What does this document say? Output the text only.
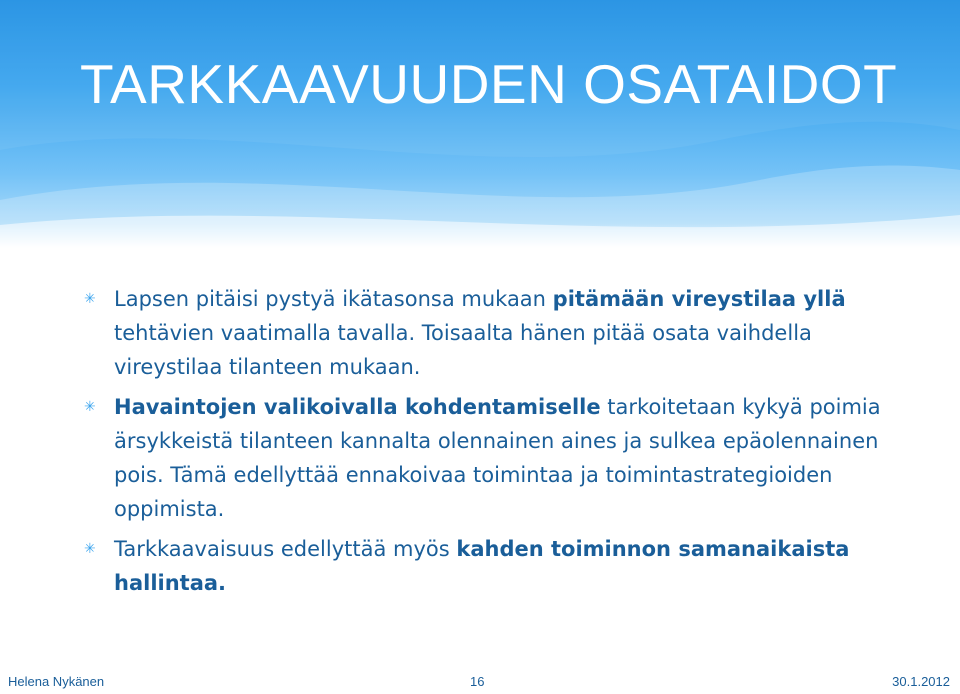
TARKKAAVUUDEN OSATAIDOT
✳ Lapsen pitäisi pystyä ikätasonsa mukaan pitämään vireystilaa yllä tehtävien vaatimalla tavalla. Toisaalta hänen pitää osata vaihdella vireystilaa tilanteen mukaan.
✳ Havaintojen valikoivalla kohdentamiselle tarkoitetaan kykyä poimia ärsykkeistä tilanteen kannalta olennainen aines ja sulkea epäolennainen pois. Tämä edellyttää ennakoivaa toimintaa ja toimintastrategioiden oppimista.
✳ Tarkkaavaisuus edellyttää myös kahden toiminnon samanaikaista hallintaa.
Helena Nykänen	16	30.1.2012
